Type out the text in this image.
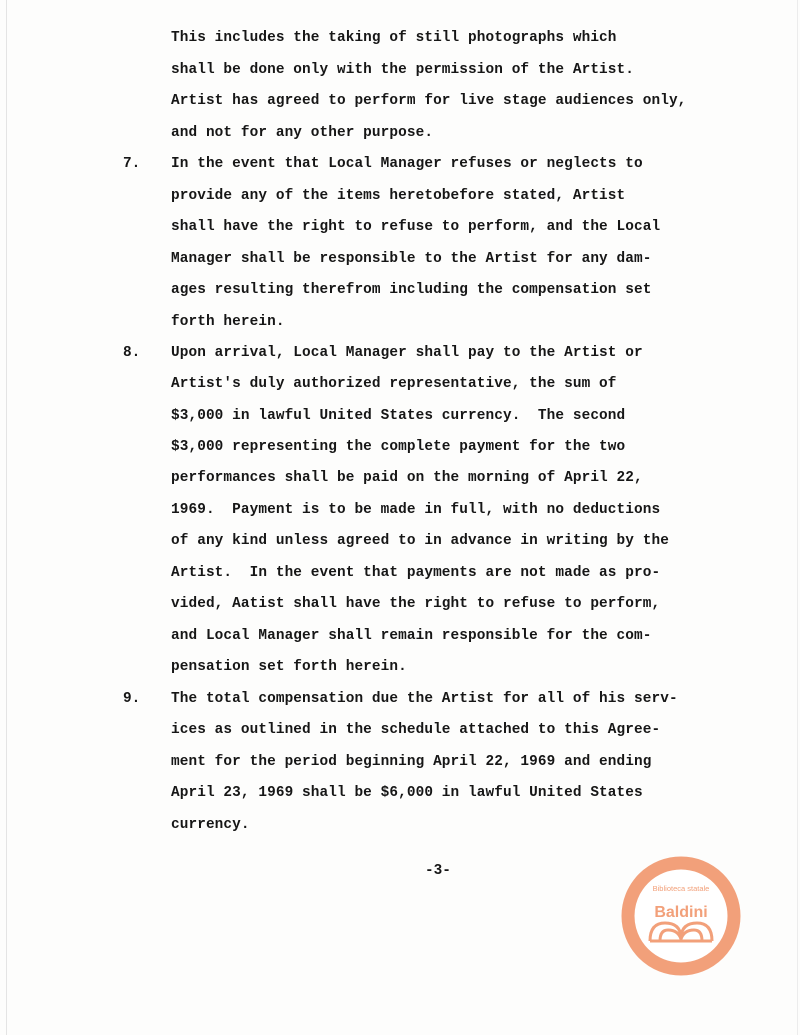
This includes the taking of still photographs which
shall be done only with the permission of the Artist.
Artist has agreed to perform for live stage audiences only,
and not for any other purpose.
7. In the event that Local Manager refuses or neglects to
provide any of the items heretobefore stated, Artist
shall have the right to refuse to perform, and the Local
Manager shall be responsible to the Artist for any dam-
ages resulting therefrom including the compensation set
forth herein.
8. Upon arrival, Local Manager shall pay to the Artist or
Artist's duly authorized representative, the sum of
$3,000 in lawful United States currency.  The second
$3,000 representing the complete payment for the two
performances shall be paid on the morning of April 22,
1969.  Payment is to be made in full, with no deductions
of any kind unless agreed to in advance in writing by the
Artist.  In the event that payments are not made as pro-
vided, Aatist shall have the right to refuse to perform,
and Local Manager shall remain responsible for the com-
pensation set forth herein.
9. The total compensation due the Artist for all of his serv-
ices as outlined in the schedule attached to this Agree-
ment for the period beginning April 22, 1969 and ending
April 23, 1969 shall be $6,000 in lawful United States
currency.
-3-
Biblioteca statale
Baldini
